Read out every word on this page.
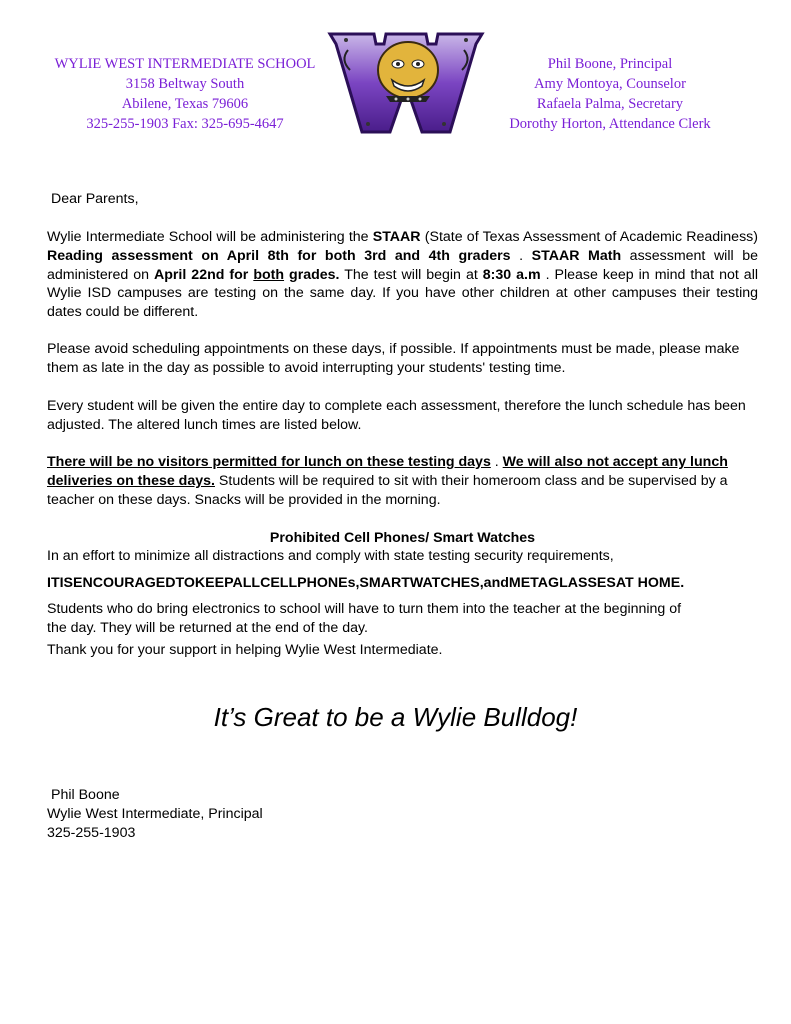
WYLIE WEST INTERMEDIATE SCHOOL
3158 Beltway South
Abilene, Texas 79606
325-255-1903 Fax: 325-695-4647
Phil Boone, Principal
Amy Montoya, Counselor
Rafaela Palma, Secretary
Dorothy Horton, Attendance Clerk
Dear Parents,
Wylie Intermediate School will be administering the STAAR (State of Texas Assessment of Academic Readiness) Reading assessment on April 8th for both 3rd and 4th graders . STAAR Math assessment will be administered on April 22nd for both grades. The test will begin at 8:30 a.m . Please keep in mind that not all Wylie ISD campuses are testing on the same day. If you have other children at other campuses their testing dates could be different.
Please avoid scheduling appointments on these days, if possible. If appointments must be made, please make them as late in the day as possible to avoid interrupting your students' testing time.
Every student will be given the entire day to complete each assessment, therefore the lunch schedule has been adjusted. The altered lunch times are listed below.
There will be no visitors permitted for lunch on these testing days . We will also not accept any lunch deliveries on these days. Students will be required to sit with their homeroom class and be supervised by a teacher on these days. Snacks will be provided in the morning.
Prohibited Cell Phones/ Smart Watches
In an effort to minimize all distractions and comply with state testing security requirements,
ITISENCOURAGEDTOKEEPALLCELLPHONEs,SMARTWATCHES,andMETAGLASSESAT HOME.
Students who do bring electronics to school will have to turn them into the teacher at the beginning of the day. They will be returned at the end of the day.
Thank you for your support in helping Wylie West Intermediate.
It’s Great to be a Wylie Bulldog!
Phil Boone
Wylie West Intermediate, Principal
325-255-1903
